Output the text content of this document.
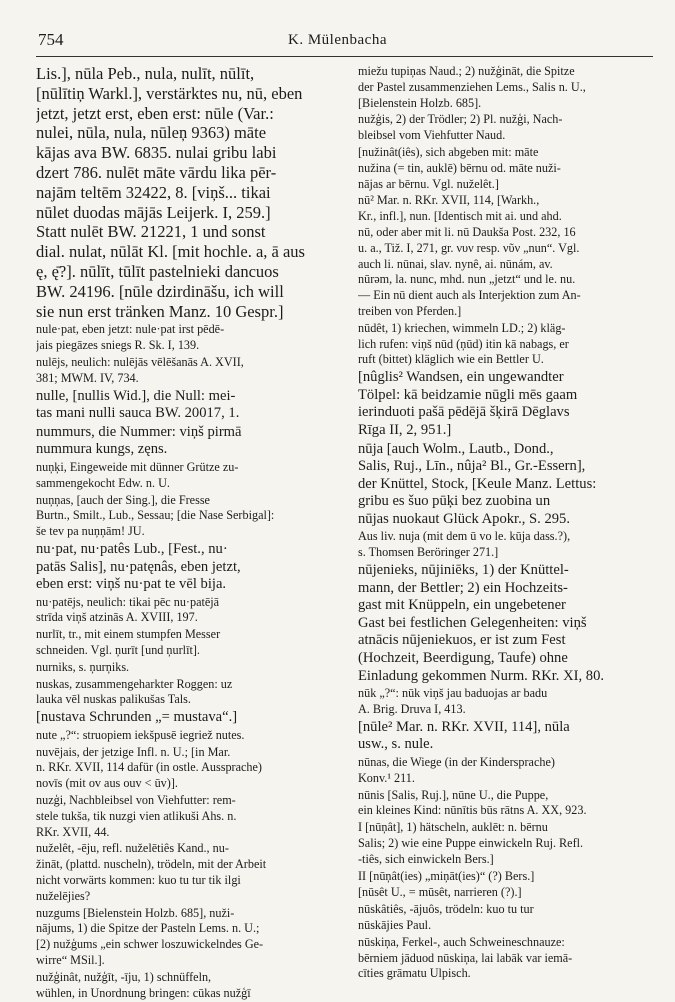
754	K. Mülenbacha

Lis.], nūla Peb., nula, nulīt, nūlīt,
[nūlītiņ Warkl.], verstärktes nu, nū, eben
jetzt, jetzt erst, eben erst: nūle (Var.:
nulei, nūla, nula, nūleņ 9363) māte
kājas ava BW. 6835. nulai gribu labi
dzert 786. nulēt māte vārdu lika pēr-
najām teltēm 32422, 8. [viņš... tikai
nūlet duodas mājās Leijerk. I, 259.]
Statt nulēt BW. 21221, 1 und sonst
dial. nulat, nūlāt Kl. [mit hochle. a, ā aus
ę, ę̄?]. nūlīt, tūlīt pastelnieki dancuos
BW. 24196. [nūle dzirdināšu, ich will
sie nun erst tränken Manz. 10 Gespr.]

nule·pat, eben jetzt: nule·pat irst pēdē-
jais piegāzes sniegs R. Sk. I, 139.

nulējs, neulich: nulējās vēlēšanās A. XVII,
381; MWM. IV, 734.

nulle, [nullis Wid.], die Null: mei-
tas mani nulli sauca BW. 20017, 1.

nummurs, die Nummer: viņš pirmā
nummura kungs, zęns.

nuņķi, Eingeweide mit dünner Grütze zu-
sammengekocht Edw. n. U.

nuņņas, [auch der Sing.], die Fresse
Burtn., Smilt., Lub., Sessau; [die Nase Serbigal]:
še tev pa nuņņām! JU.

nu·pat, nu·patês Lub., [Fest., nu·
patās Salis], nu·patęnâs, eben jetzt,
eben erst: viņš nu·pat te vēl bija.

nu·patējs, neulich: tikai pēc nu·patējā
strīda viņš atzinās A. XVIII, 197.

nurlīt, tr., mit einem stumpfen Messer
schneiden. Vgl. ņurīt [und ņurlīt].

nurniks, s. ņurņiks.

nuskas, zusammengeharkter Roggen: uz
lauka vēl nuskas palikušas Tals.

[nustava Schrunden „= mustava“.]

nute „?“: struopiem iekšpusē iegriež nutes.

nuvējais, der jetzige Infl. n. U.; [in Mar.
n. RKr. XVII, 114 dafür (in ostle. Aussprache)
novīs (mit ov aus ouv < ūv)].

nuzģi, Nachbleibsel von Viehfutter: rem-
stele tukša, tik nuzgi vien atlikuši Ahs. n.
RKr. XVII, 44.

nuželêt, -ēju, refl. nuželētiês Kand., nu-
žināt, (plattd. nuscheln), trödeln, mit der Arbeit
nicht vorwärts kommen: kuo tu tur tik ilgi
nuželējies?

nuzgums [Bielenstein Holzb. 685], nuži-
nājums, 1) die Spitze der Pasteln Lems. n. U.;
[2) nužģums „ein schwer loszuwickelndes Ge-
wirre“ MSil.].

nužģinât, nužģīt, -īju, 1) schnüffeln,
wühlen, in Unordnung bringen: cūkas nužģī

miežu tupiņas Naud.; 2) nužģināt, die Spitze
der Pastel zusammenziehen Lems., Salis n. U.,
[Bielenstein Holzb. 685].

nužģis, 2) der Trödler; 2) Pl. nužģi, Nach-
bleibsel vom Viehfutter Naud.

[nužinât(iês), sich abgeben mit: māte
nužina (= tin, auklē) bērnu od. māte nuži-
nājas ar bērnu. Vgl. nuželêt.]

nū² Mar. n. RKr. XVII, 114, [Warkh.,
Kr., infl.], nun. [Identisch mit ai. und ahd.
nū, oder aber mit li. nū Daukša Post. 232, 16
u. a., Tiž. I, 271, gr. νυν resp. νῦν „nun“. Vgl.
auch li. nūnai, slav. nynê, ai. nūnám, av.
nūrəm, la. nunc, mhd. nun „jetzt“ und le. nu.
— Ein nū dient auch als Interjektion zum An-
treiben von Pferden.]

nūdêt, 1) kriechen, wimmeln LD.; 2) kläg-
lich rufen: viņš nūd (ņūd) itin kā nabags, er
ruft (bittet) kläglich wie ein Bettler U.

[nûglis² Wandsen, ein ungewandter
Tölpel: kā beidzamie nūgli mēs gaam
ierinduoti pašā pēdējā šķirā Dēglavs
Rīga II, 2, 951.]

nūja [auch Wolm., Lautb., Dond.,
Salis, Ruj., Līn., nûja² Bl., Gr.-Essern],
der Knüttel, Stock, [Keule Manz. Lettus:
gribu es šuo pūķi bez zuobina un
nūjas nuokaut Glück Apokr., S. 295.

Aus liv. nuja (mit dem ū vo le. kūja dass.?),
s. Thomsen Beröringer 271.]

nūjenieks, nūjiniēks, 1) der Knüttel-
mann, der Bettler; 2) ein Hochzeits-
gast mit Knüppeln, ein ungebetener
Gast bei festlichen Gelegenheiten: viņš
atnācis nūjeniekuos, er ist zum Fest
(Hochzeit, Beerdigung, Taufe) ohne
Einladung gekommen Nurm. RKr. XI, 80.

nūk „?“: nūk viņš jau baduojas ar badu
A. Brig. Druva I, 413.

[nūle² Mar. n. RKr. XVII, 114], nūla
usw., s. nule.

nūnas, die Wiege (in der Kindersprache)
Konv.¹ 211.

nūnis [Salis, Ruj.], nūne U., die Puppe,
ein kleines Kind: nūnītis būs rātns A. XX, 923.

I [nūņât], 1) hätscheln, auklēt: n. bērnu
Salis; 2) wie eine Puppe einwickeln Ruj. Refl.
-tiês, sich einwickeln Bers.]

II [nūņât(ies) „miņāt(ies)“ (?) Bers.]

[nūsêt U., = mūsêt, narrieren (?).]

nūskâtiês, -ājuôs, trödeln: kuo tu tur
nūskājies Paul.

nūskiņa, Ferkel-, auch Schweineschnauze:
bērniem jāduod nūskiņa, lai labāk var iemā-
cīties grāmatu Ulpisch.
